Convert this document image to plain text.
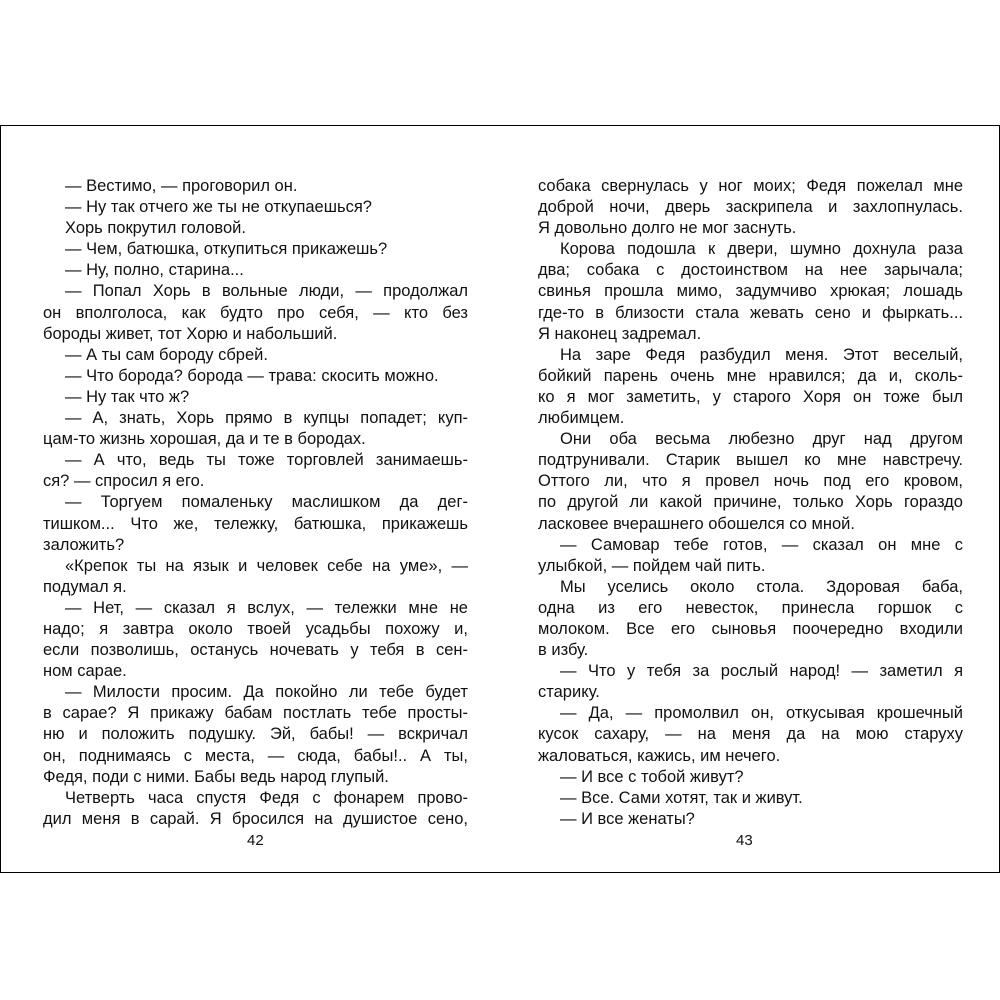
— Вестимо, — проговорил он.
— Ну так отчего же ты не откупаешься?
Хорь покрутил головой.
— Чем, батюшка, откупиться прикажешь?
— Ну, полно, старина...
— Попал Хорь в вольные люди, — продолжал
он вполголоса, как будто про себя, — кто без
бороды живет, тот Хорю и набольший.
— А ты сам бороду сбрей.
— Что борода? борода — трава: скосить можно.
— Ну так что ж?
— А, знать, Хорь прямо в купцы попадет; куп-
цам-то жизнь хорошая, да и те в бородах.
— А что, ведь ты тоже торговлей занимаешь-
ся? — спросил я его.
— Торгуем помаленьку маслишком да дег-
тишком... Что же, тележку, батюшка, прикажешь
заложить?
«Крепок ты на язык и человек себе на уме», —
подумал я.
— Нет, — сказал я вслух, — тележки мне не
надо; я завтра около твоей усадьбы похожу и,
если позволишь, останусь ночевать у тебя в сен-
ном сарае.
— Милости просим. Да покойно ли тебе будет
в сарае? Я прикажу бабам постлать тебе просты-
ню и положить подушку. Эй, бабы! — вскричал
он, поднимаясь с места, — сюда, бабы!.. А ты,
Федя, поди с ними. Бабы ведь народ глупый.
Четверть часа спустя Федя с фонарем прово-
дил меня в сарай. Я бросился на душистое сено,
собака свернулась у ног моих; Федя пожелал мне
доброй ночи, дверь заскрипела и захлопнулась.
Я довольно долго не мог заснуть.
Корова подошла к двери, шумно дохнула раза
два; собака с достоинством на нее зарычала;
свинья прошла мимо, задумчиво хрюкая; лошадь
где-то в близости стала жевать сено и фыркать...
Я наконец задремал.
На заре Федя разбудил меня. Этот веселый,
бойкий парень очень мне нравился; да и, сколь-
ко я мог заметить, у старого Хоря он тоже был
любимцем.
Они оба весьма любезно друг над другом
подтрунивали. Старик вышел ко мне навстречу.
Оттого ли, что я провел ночь под его кровом,
по другой ли какой причине, только Хорь гораздо
ласковее вчерашнего обошелся со мной.
— Самовар тебе готов, — сказал он мне с
улыбкой, — пойдем чай пить.
Мы уселись около стола. Здоровая баба,
одна из его невесток, принесла горшок с
молоком. Все его сыновья поочередно входили
в избу.
— Что у тебя за рослый народ! — заметил я
старику.
— Да, — промолвил он, откусывая крошечный
кусок сахару, — на меня да на мою старуху
жаловаться, кажись, им нечего.
— И все с тобой живут?
— Все. Сами хотят, так и живут.
— И все женаты?
42	43
